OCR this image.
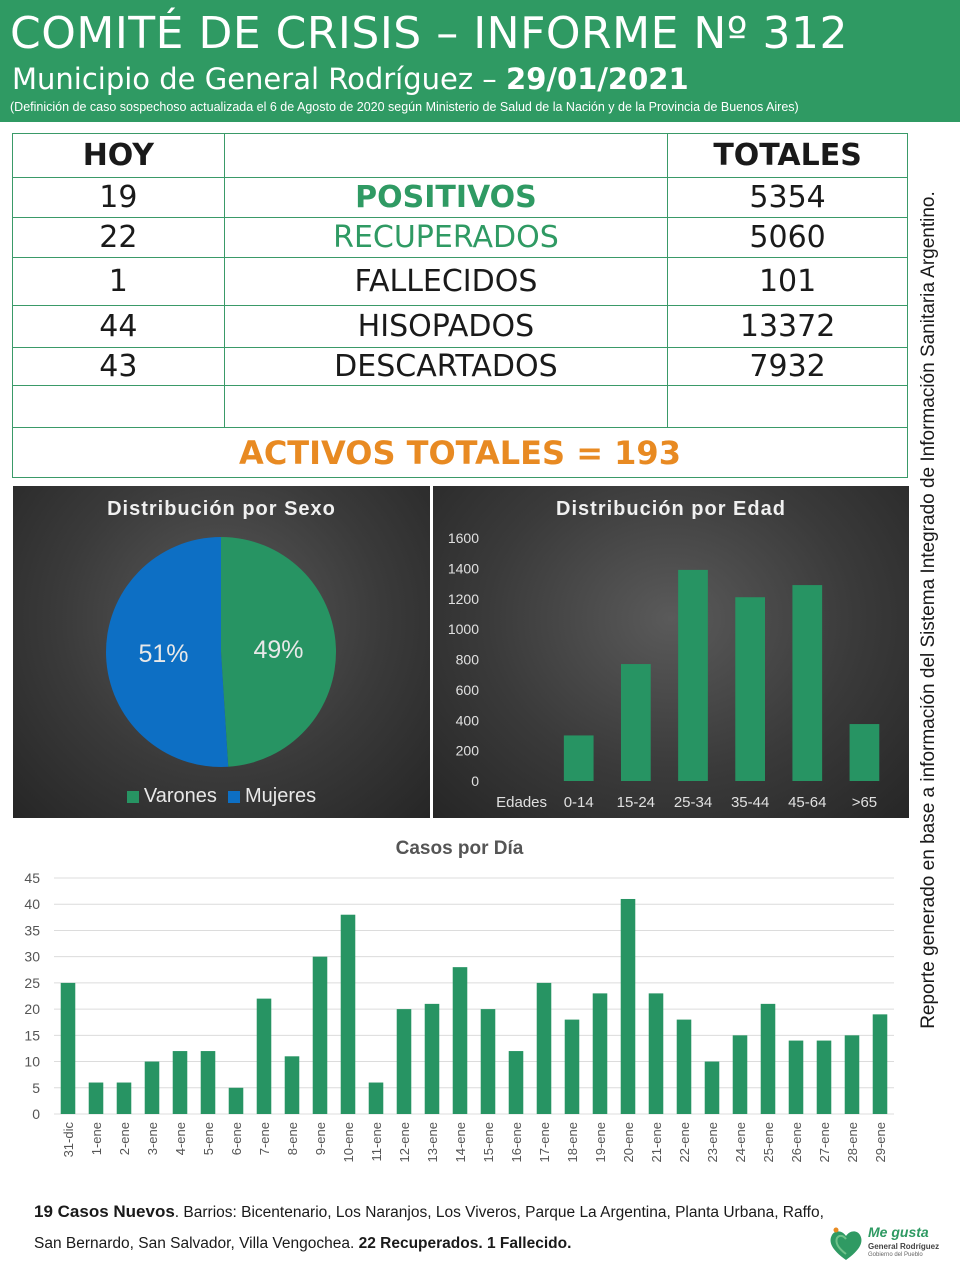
COMITÉ DE CRISIS – INFORME Nº 312
Municipio de General Rodríguez – 29/01/2021
(Definición de caso sospechoso actualizada el 6 de Agosto de 2020 según Ministerio de Salud de la Nación y de la Provincia de Buenos Aires)
Reporte generado en base a información del Sistema Integrado de Información Sanitaria Argentino.
HOY		TOTALES
19	POSITIVOS	5354
22	RECUPERADOS	5060
1	FALLECIDOS	101
44	HISOPADOS	13372
43	DESCARTADOS	7932

ACTIVOS TOTALES = 193		
Distribución por Sexo
49%
51%
Varones Mujeres
Distribución por Edad
0
200
400
600
800
1000
1200
1400
1600
Edades 0-14 15-24 25-34 35-44 45-64 >65
Casos por Día
0
5
10
15
20
25
30
35
40
45
31-dic 1-ene 2-ene 3-ene 4-ene 5-ene 6-ene 7-ene 8-ene 9-ene 10-ene 11-ene 12-ene 13-ene 14-ene 15-ene 16-ene 17-ene 18-ene 19-ene 20-ene 21-ene 22-ene 23-ene 24-ene 25-ene 26-ene 27-ene 28-ene 29-ene
19 Casos Nuevos. Barrios: Bicentenario, Los Naranjos, Los Viveros, Parque La Argentina, Planta Urbana, Raffo, San Bernardo, San Salvador, Villa Vengochea. 22 Recuperados. 1 Fallecido.
Me gusta
General Rodríguez
Gobierno del Pueblo
